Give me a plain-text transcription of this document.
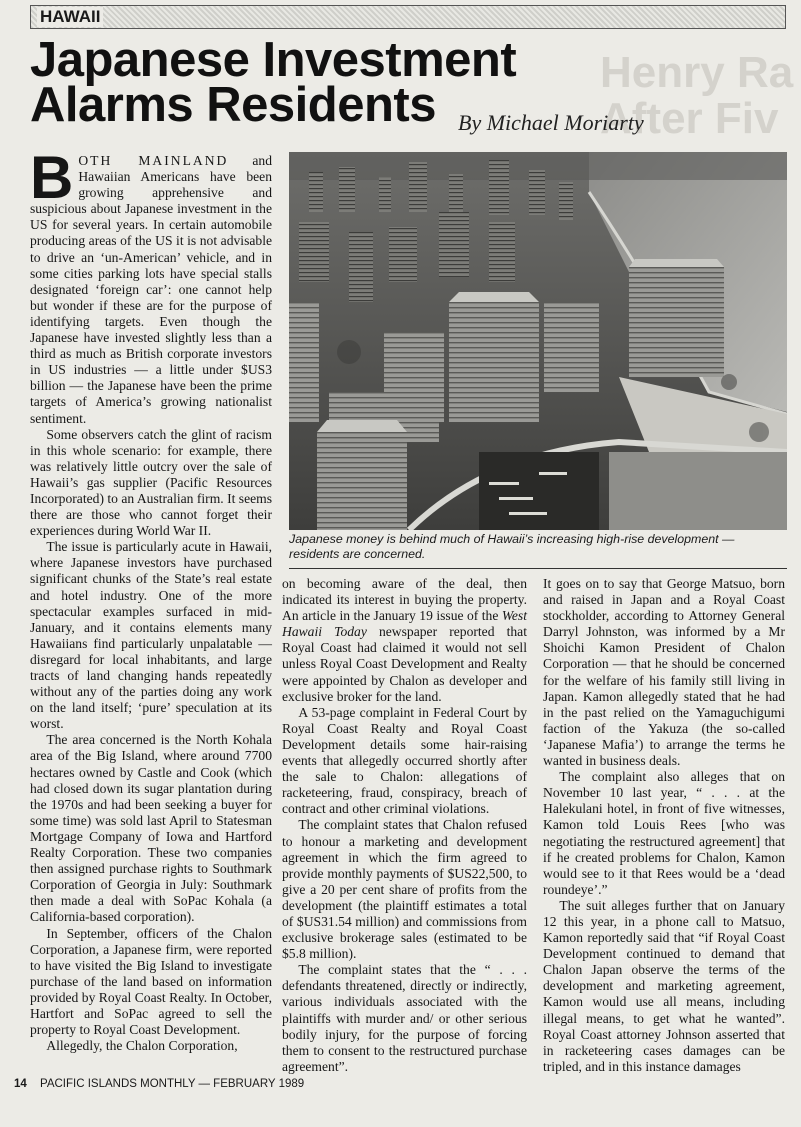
Henry Ra
After Fiv
HAWAII
Japanese Investment
Alarms Residents	By Michael Moriarty
Japanese money is behind much of Hawaii’s increasing high-rise development — residents are concerned.

B OTH MAINLAND and Hawaiian Americans have been growing apprehensive and suspicious about Japanese investment in the US for several years. In certain automobile producing areas of the US it is not advisable to drive an ‘un-American’ vehicle, and in some cities parking lots have special stalls designated ‘foreign car’: one cannot help but wonder if these are for the purpose of identifying targets. Even though the Japanese have invested slightly less than a third as much as British corporate investors in US industries — a little under $US3 billion — the Japanese have been the prime targets of America’s growing nationalist sentiment.

Some observers catch the glint of racism in this whole scenario: for example, there was relatively little outcry over the sale of Hawaii’s gas supplier (Pacific Resources Incorporated) to an Australian firm. It seems there are those who cannot forget their experiences during World War II.

The issue is particularly acute in Hawaii, where Japanese investors have purchased significant chunks of the State’s real estate and hotel industry. One of the more spectacular examples surfaced in mid-January, and it contains elements many Hawaiians find particularly unpalatable — disregard for local inhabitants, and large tracts of land changing hands repeatedly without any of the parties doing any work on the land itself; ‘pure’ speculation at its worst.

The area concerned is the North Kohala area of the Big Island, where around 7700 hectares owned by Castle and Cook (which had closed down its sugar plantation during the 1970s and had been seeking a buyer for some time) was sold last April to Statesman Mortgage Company of Iowa and Hartford Realty Corporation. These two companies then assigned purchase rights to Southmark Corporation of Georgia in July: Southmark then made a deal with SoPac Kohala (a California-based corporation).

In September, officers of the Chalon Corporation, a Japanese firm, were reported to have visited the Big Island to investigate purchase of the land based on information provided by Royal Coast Realty. In October, Hartfort and SoPac agreed to sell the property to Royal Coast Development.

Allegedly, the Chalon Corporation,

on becoming aware of the deal, then indicated its interest in buying the property. An article in the January 19 issue of the West Hawaii Today newspaper reported that Royal Coast had claimed it would not sell unless Royal Coast Development and Realty were appointed by Chalon as developer and exclusive broker for the land.

A 53-page complaint in Federal Court by Royal Coast Realty and Royal Coast Development details some hair-raising events that allegedly occurred shortly after the sale to Chalon: allegations of racketeering, fraud, conspiracy, breach of contract and other criminal violations.

The complaint states that Chalon refused to honour a marketing and development agreement in which the firm agreed to provide monthly payments of $US22,500, to give a 20 per cent share of profits from the development (the plaintiff estimates a total of $US31.54 million) and commissions from exclusive brokerage sales (estimated to be $5.8 million).

The complaint states that the “ . . . defendants threatened, directly or indirectly, various individuals associated with the plaintiffs with murder and/ or other serious bodily injury, for the purpose of forcing them to consent to the restructured purchase agreement”.

It goes on to say that George Matsuo, born and raised in Japan and a Royal Coast stockholder, according to Attorney General Darryl Johnston, was informed by a Mr Shoichi Kamon President of Chalon Corporation — that he should be concerned for the welfare of his family still living in Japan. Kamon allegedly stated that he had in the past relied on the Yamaguchigumi faction of the Yakuza (the so-called ‘Japanese Mafia’) to arrange the terms he wanted in business deals.

The complaint also alleges that on November 10 last year, “ . . . at the Halekulani hotel, in front of five witnesses, Kamon told Louis Rees [who was negotiating the restructured agreement] that if he created problems for Chalon, Kamon would see to it that Rees would be a ‘dead roundeye’.”

The suit alleges further that on January 12 this year, in a phone call to Matsuo, Kamon reportedly said that “if Royal Coast Development continued to demand that Chalon Japan observe the terms of the development and marketing agreement, Kamon would use all means, including illegal means, to get what he wanted”. Royal Coast attorney Johnson asserted that in racketeering cases damages can be tripled, and in this instance damages

14 PACIFIC ISLANDS MONTHLY — FEBRUARY 1989
